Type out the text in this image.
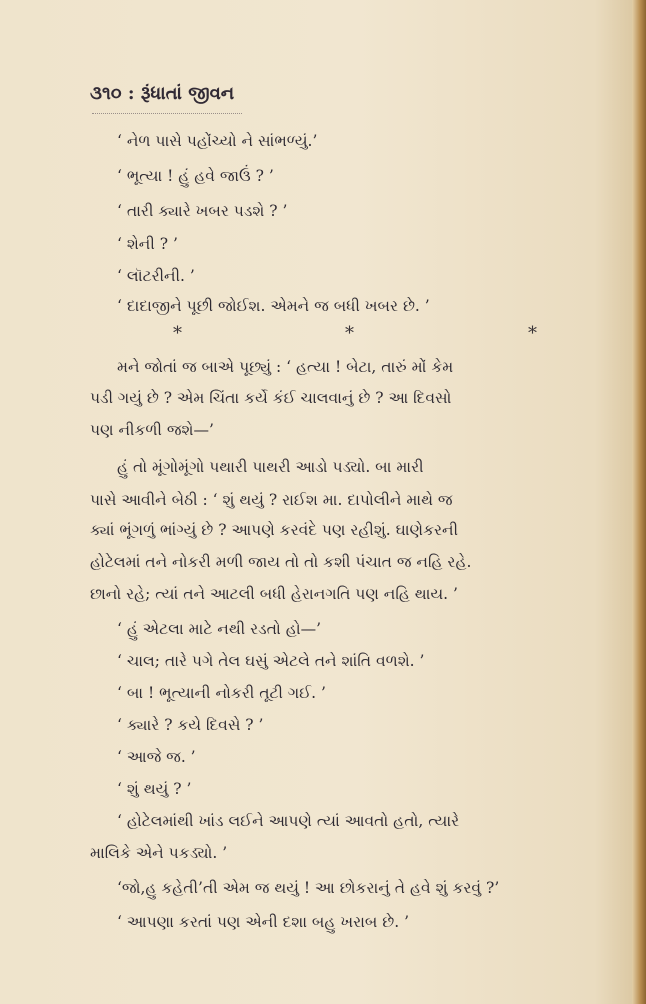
૩૧૦ : રૂંધાતાં જીવન
‘ નેળ પાસે પહોંચ્યો ને સાંભળ્યું.’
‘ ભૂત્યા ! હું હવે જાઉં ? ’
‘ તારી ક્યારે ખબર પડશે ? ’
‘ શેની ? ’
‘ લૉટરીની. ’
‘ દાદાજીને પૂછી જોઈશ. એમને જ બધી ખબર છે. ’
*	*	*
મને જોતાં જ બાએ પૂછ્યું : ‘ હત્યા ! બેટા, તારું મોં કેમ
પડી ગયું છે ? એમ ચિંતા કર્યે કંઈ ચાલવાનું છે ? આ દિવસો
પણ નીકળી જશે—’
હું તો મૂંગોમૂંગો પથારી પાથરી આડો પડ્યો. બા મારી
પાસે આવીને બેઠી : ‘ શું થયું ? રાઈશ મા. દાપોલીને માથે જ
ક્યાં ભૂંગળું ભાંગ્યું છે ? આપણે કરવંદે પણ રહીશું. ઘાણેકરની
હોટેલમાં તને નોકરી મળી જાય તો તો કશી પંચાત જ નહિ રહે.
છાનો રહે; ત્યાં તને આટલી બધી હેરાનગતિ પણ નહિ થાય. ’
‘ હું એટલા માટે નથી રડતો હો—’
‘ ચાલ; તારે પગે તેલ ઘસું એટલે તને શાંતિ વળશે. ’
‘ બા ! ભૂત્યાની નોકરી તૂટી ગઈ. ’
‘ ક્યારે ? કયે દિવસે ? ’
‘ આજે જ. ’
‘ શું થયું ? ’
‘ હોટેલમાંથી ખાંડ લઈને આપણે ત્યાં આવતો હતો, ત્યારે
માલિકે એને પકડ્યો. ’
‘જો,હુ કહેતી’તી એમ જ થયું ! આ છોકરાનું તે હવે શું કરવું ?’
‘ આપણા કરતાં પણ એની દશા બહુ ખરાબ છે. ’
